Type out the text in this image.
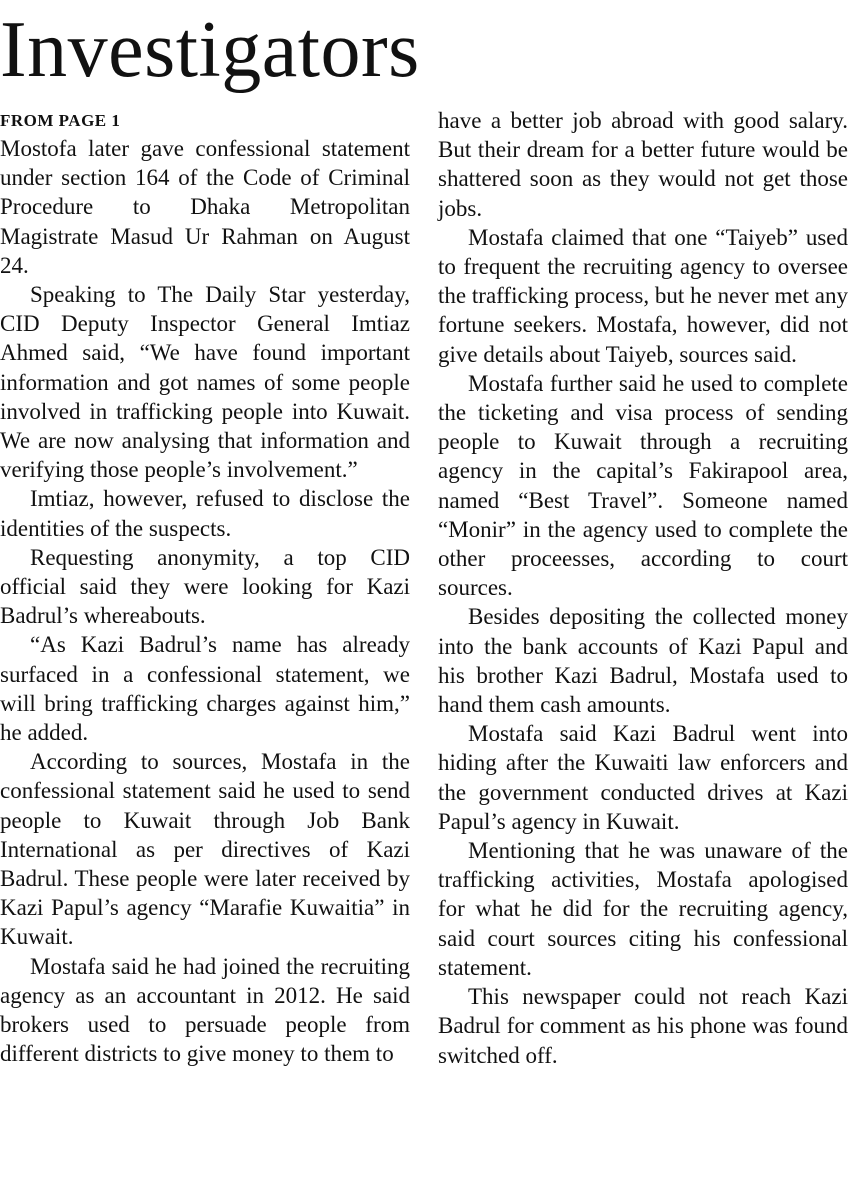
Investigators
FROM PAGE 1

Mostofa later gave confessional statement under section 164 of the Code of Criminal Procedure to Dhaka Metropolitan Magistrate Masud Ur Rahman on August 24.

Speaking to The Daily Star yesterday, CID Deputy Inspector General Imtiaz Ahmed said, “We have found important information and got names of some people involved in trafficking people into Kuwait. We are now analysing that information and verifying those people’s involvement.”

Imtiaz, however, refused to disclose the identities of the suspects.

Requesting anonymity, a top CID official said they were looking for Kazi Badrul’s whereabouts.

“As Kazi Badrul’s name has already surfaced in a confessional statement, we will bring trafficking charges against him,” he added.

According to sources, Mostafa in the confessional statement said he used to send people to Kuwait through Job Bank International as per directives of Kazi Badrul. These people were later received by Kazi Papul’s agency “Marafie Kuwaitia” in Kuwait.

Mostafa said he had joined the recruiting agency as an accountant in 2012. He said brokers used to persuade people from different districts to give money to them to

have a better job abroad with good salary. But their dream for a better future would be shattered soon as they would not get those jobs.

Mostafa claimed that one “Taiyeb” used to frequent the recruiting agency to oversee the trafficking process, but he never met any fortune seekers. Mostafa, however, did not give details about Taiyeb, sources said.

Mostafa further said he used to complete the ticketing and visa process of sending people to Kuwait through a recruiting agency in the capital’s Fakirapool area, named “Best Travel”. Someone named “Monir” in the agency used to complete the other proceesses, according to court sources.

Besides depositing the collected money into the bank accounts of Kazi Papul and his brother Kazi Badrul, Mostafa used to hand them cash amounts.

Mostafa said Kazi Badrul went into hiding after the Kuwaiti law enforcers and the government conducted drives at Kazi Papul’s agency in Kuwait.

Mentioning that he was unaware of the trafficking activities, Mostafa apologised for what he did for the recruiting agency, said court sources citing his confessional statement.

This newspaper could not reach Kazi Badrul for comment as his phone was found switched off.
